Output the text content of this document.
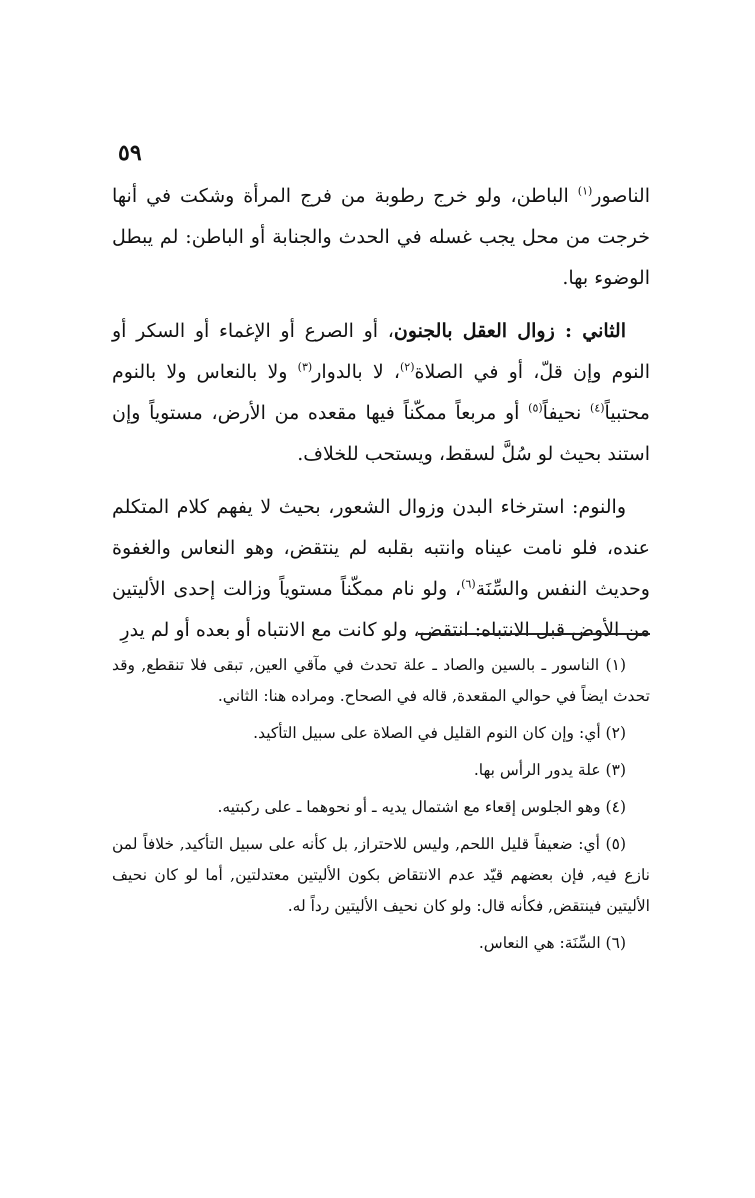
٥٩

الناصور$^{(١)}$ الباطن، ولو خرج رطوبة من فرج المرأة وشكت في أنها خرجت من محل يجب غسله في الحدث والجنابة أو الباطن: لم يبطل الوضوء بها.

الثاني : زوال العقل بالجنون، أو الصرع أو الإغماء أو السكر أو النوم وإن قلّ، أو في الصلاة$^{(٢)}$، لا بالدوار$^{(٣)}$ ولا بالنعاس ولا بالنوم محتبياً$^{(٤)}$ نحيفاً$^{(٥)}$ أو مربعاً ممكّناً فيها مقعده من الأرض، مستوياً وإن استند بحيث لو سُلَّ لسقط، ويستحب للخلاف.

والنوم: استرخاء البدن وزوال الشعور، بحيث لا يفهم كلام المتكلم عنده، فلو نامت عيناه وانتبه بقلبه لم ينتقض، وهو النعاس والغفوة وحديث النفس والسِّنَة$^{(٦)}$، ولو نام ممكّناً مستوياً وزالت إحدى الأليتين من الأوض قبل الانتباه: انتقض، ولو كانت مع الانتباه أو بعده أو لم يدرِ

(١) الناسور ـ بالسين والصاد ـ علة تحدث في مآقي العين, تبقى فلا تنقطع, وقد تحدث ايضاً في حوالي المقعدة, قاله في الصحاح. ومراده هنا: الثاني.

(٢) أي: وإن كان النوم القليل في الصلاة على سبيل التأكيد.

(٣) علة يدور الرأس بها.

(٤) وهو الجلوس إقعاء مع اشتمال يديه ـ أو نحوهما ـ على ركبتيه.

(٥) أي: ضعيفاً قليل اللحم, وليس للاحتراز, بل كأنه على سبيل التأكيد, خلافاً لمن نازع فيه, فإن بعضهم قيّد عدم الانتقاض بكون الأليتين معتدلتين, أما لو كان نحيف الأليتين فينتقض, فكأنه قال: ولو كان نحيف الأليتين رداً له.

(٦) السِّنَة: هي النعاس.
